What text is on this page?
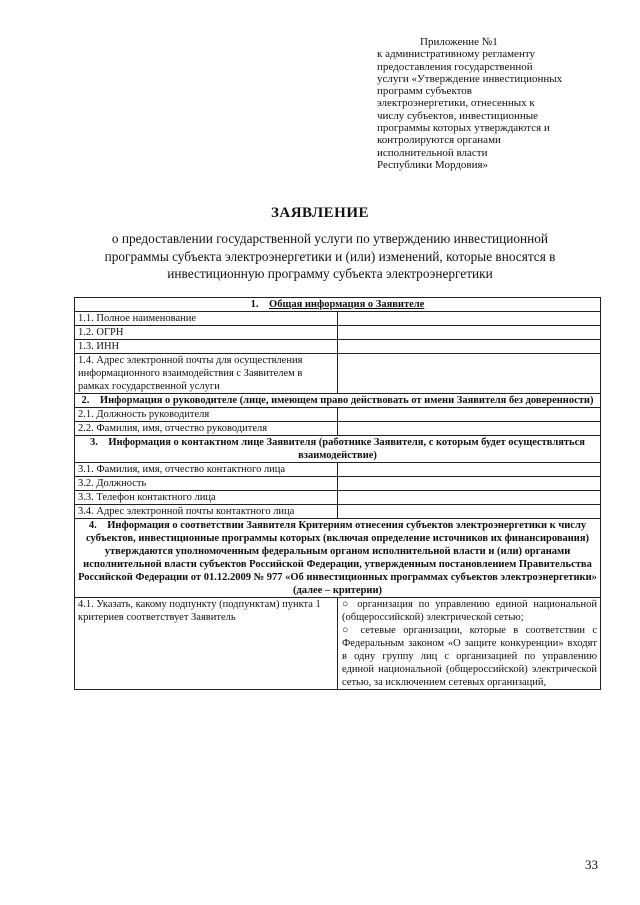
Приложение №1
к административному регламенту
предоставления государственной
услуги «Утверждение инвестиционных
программ субъектов
электроэнергетики, отнесенных к
числу субъектов, инвестиционные
программы которых утверждаются и
контролируются органами
исполнительной власти
Республики Мордовия»
ЗАЯВЛЕНИЕ
о предоставлении государственной услуги по утверждению инвестиционной программы субъекта электроэнергетики и (или) изменений, которые вносятся в инвестиционную программу субъекта электроэнергетики
1. Общая информация о Заявителе	
1.1. Полное наименование	
1.2. ОГРН	
1.3. ИНН	
1.4. Адрес электронной почты для осуществления информационного взаимодействия с Заявителем в рамках государственной услуги	
2. Информация о руководителе (лице, имеющем право действовать от имени Заявителя без доверенности)	
2.1. Должность руководителя	
2.2. Фамилия, имя, отчество руководителя	
3. Информация о контактном лице Заявителя (работнике Заявителя, с которым будет осуществляться взаимодействие)	
3.1. Фамилия, имя, отчество контактного лица	
3.2. Должность	
3.3. Телефон контактного лица	
3.4. Адрес электронной почты контактного лица	
4. Информация о соответствии Заявителя Критериям отнесения субъектов электроэнергетики к числу субъектов, инвестиционные программы которых (включая определение источников их финансирования) утверждаются уполномоченным федеральным органом исполнительной власти и (или) органами исполнительной власти субъектов Российской Федерации, утвержденным постановлением Правительства Российской Федерации от 01.12.2009 № 977 «Об инвестиционных программах субъектов электроэнергетики» (далее – критерии)	
4.1. Указать, какому подпункту (подпунктам) пункта 1 критериев соответствует Заявитель	○ организация по управлению единой национальной (общероссийской) электрической сетью;
○ сетевые организации, которые в соответствии с Федеральным законом «О защите конкуренции» входят в одну группу лиц с организацией по управлению единой национальной (общероссийской) электрической сетью, за исключением сетевых организаций,
33
